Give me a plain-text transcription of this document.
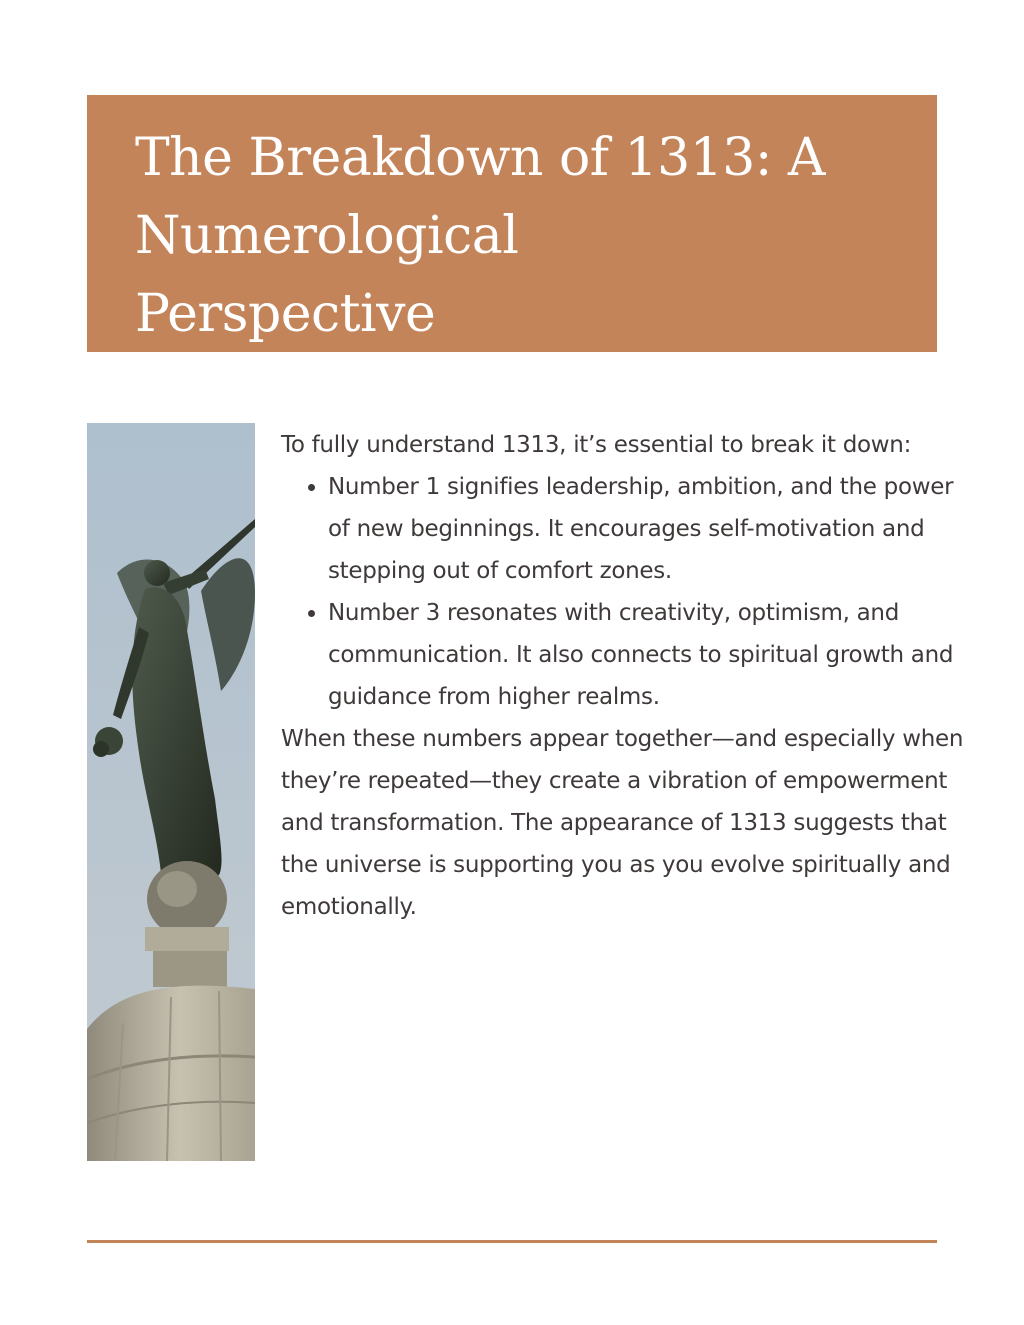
The Breakdown of 1313: A
Numerological
Perspective

To fully understand 1313, it’s essential to break it down:

• Number 1 signifies leadership, ambition, and the power of new beginnings. It encourages self-motivation and stepping out of comfort zones.
• Number 3 resonates with creativity, optimism, and communication. It also connects to spiritual growth and guidance from higher realms.

When these numbers appear together—and especially when they’re repeated—they create a vibration of empowerment and transformation. The appearance of 1313 suggests that the universe is supporting you as you evolve spiritually and emotionally.
